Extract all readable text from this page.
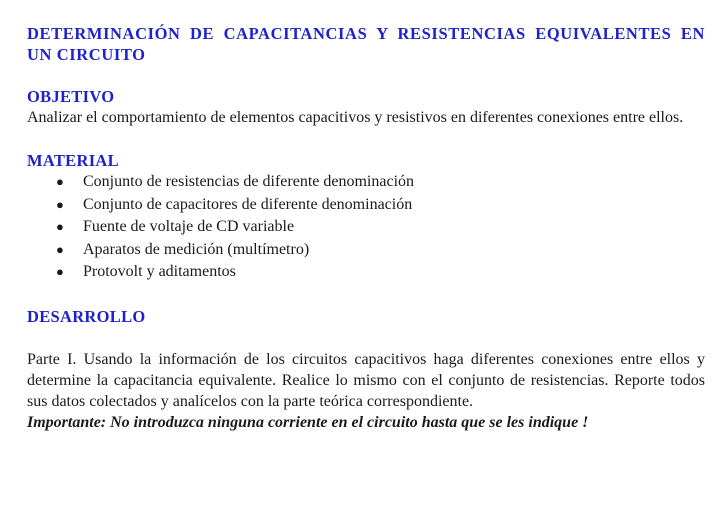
DETERMINACIÓN DE CAPACITANCIAS Y RESISTENCIAS EQUIVALENTES EN UN CIRCUITO
OBJETIVO

Analizar el comportamiento de elementos capacitivos y resistivos en diferentes conexiones entre ellos.

MATERIAL
● Conjunto de resistencias de diferente denominación
● Conjunto de capacitores de diferente denominación
● Fuente de voltaje de CD variable
● Aparatos de medición (multímetro)
● Protovolt y aditamentos
DESARROLLO

Parte I. Usando la información de los circuitos capacitivos haga diferentes conexiones entre ellos y determine la capacitancia equivalente. Realice lo mismo con el conjunto de resistencias. Reporte todos sus datos colectados y analícelos con la parte teórica correspondiente.

Importante: No introduzca ninguna corriente en el circuito hasta que se les indique !
